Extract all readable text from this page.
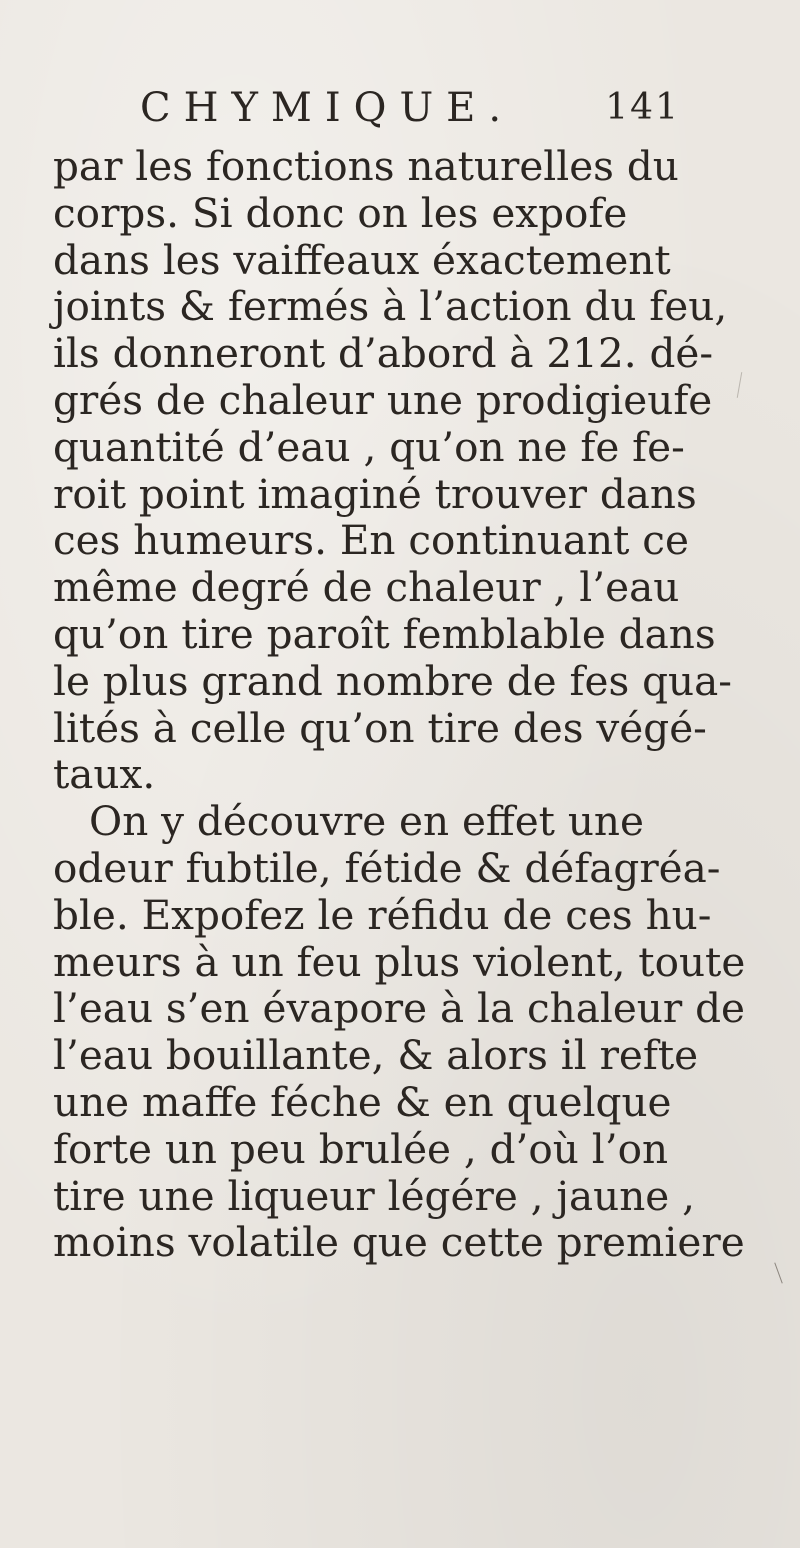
CHYMIQUE.	141
par les fonctions naturelles du
corps. Si donc on les expofe
dans les vaiffeaux éxactement
joints & fermés à l’action du feu,
ils donneront d’abord à 212. dé-
grés de chaleur une prodigieufe
quantité d’eau , qu’on ne fe fe-
roit point imaginé trouver dans
ces humeurs. En continuant ce
même degré de chaleur , l’eau
qu’on tire paroît femblable dans
le plus grand nombre de fes qua-
lités à celle qu’on tire des végé-
taux.
On y découvre en effet une
odeur fubtile, fétide & défagréa-
ble. Expofez le réfidu de ces hu-
meurs à un feu plus violent, toute
l’eau s’en évapore à la chaleur de
l’eau bouillante, & alors il refte
une maffe féche & en quelque
forte un peu brulée , d’où l’on
tire une liqueur légére , jaune ,
moins volatile que cette premiere
